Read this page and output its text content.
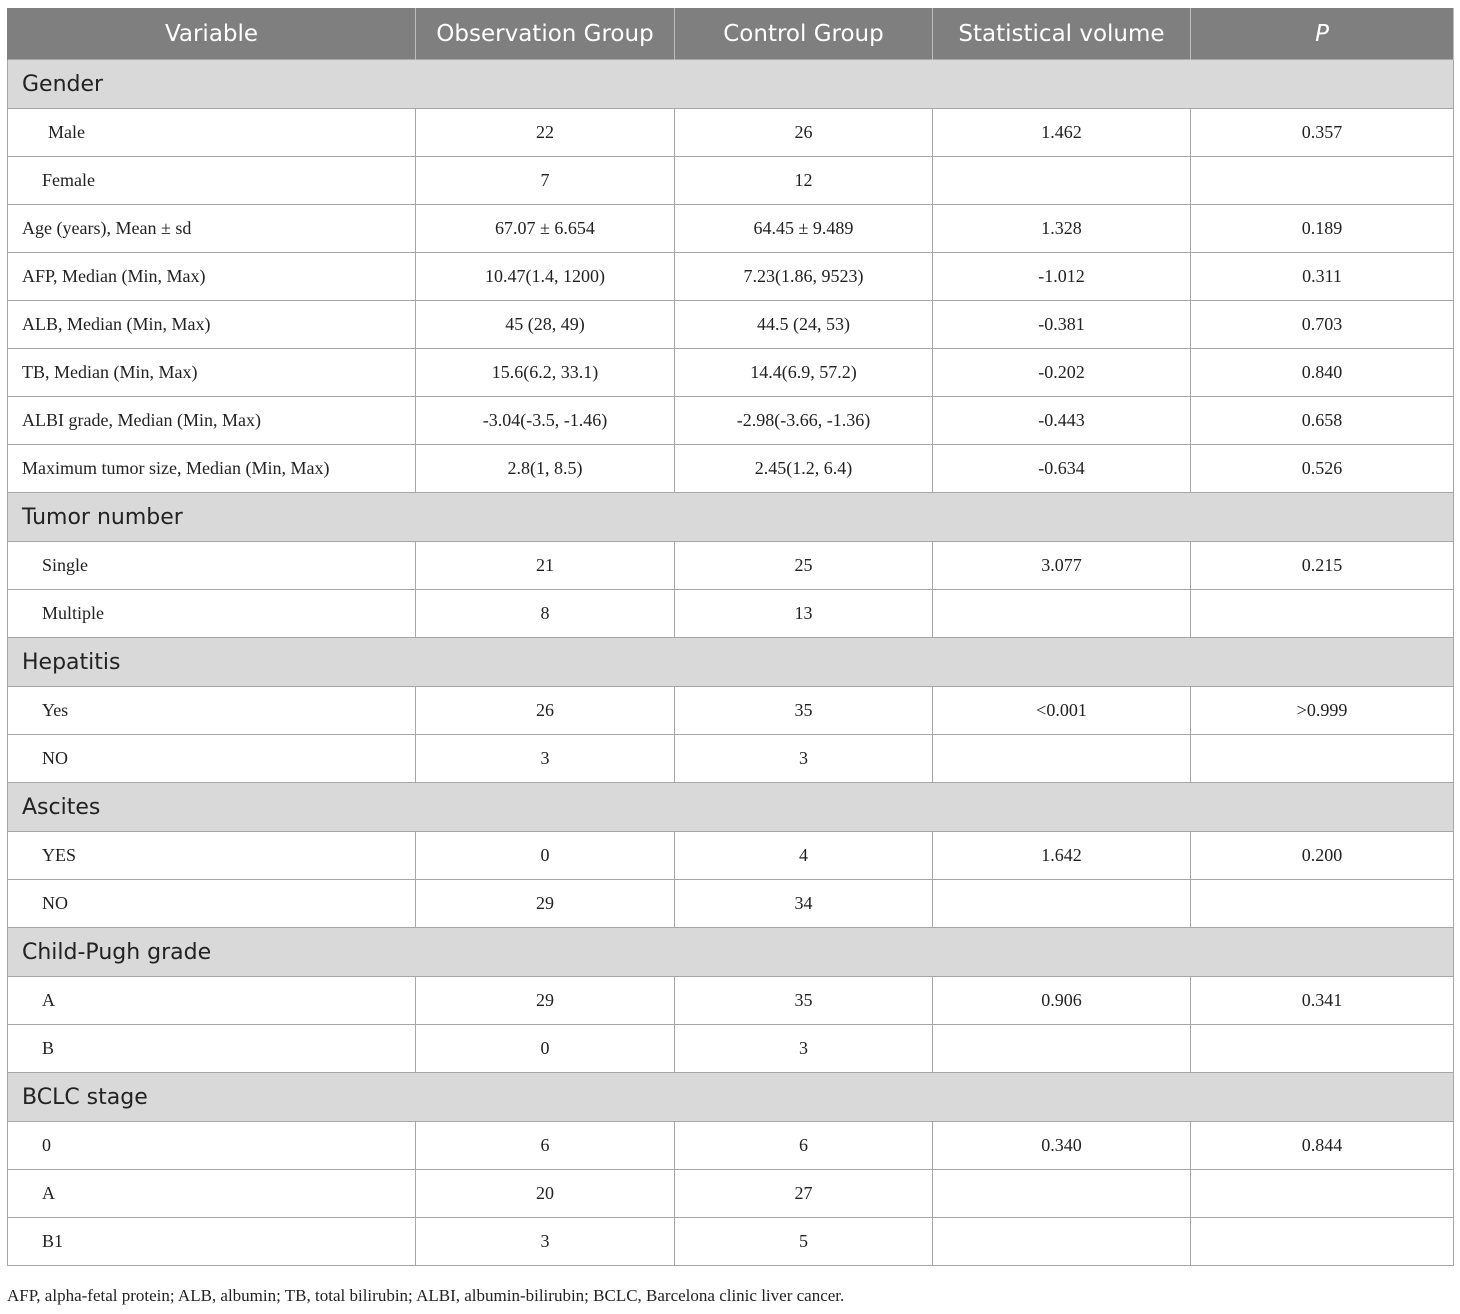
Variable	Observation Group	Control Group	Statistical volume	P
Gender				
Male	22	26	1.462	0.357
Female	7	12		
Age (years), Mean ± sd	67.07 ± 6.654	64.45 ± 9.489	1.328	0.189
AFP, Median (Min, Max)	10.47(1.4, 1200)	7.23(1.86, 9523)	-1.012	0.311
ALB, Median (Min, Max)	45 (28, 49)	44.5 (24, 53)	-0.381	0.703
TB, Median (Min, Max)	15.6(6.2, 33.1)	14.4(6.9, 57.2)	-0.202	0.840
ALBI grade, Median (Min, Max)	-3.04(-3.5, -1.46)	-2.98(-3.66, -1.36)	-0.443	0.658
Maximum tumor size, Median (Min, Max)	2.8(1, 8.5)	2.45(1.2, 6.4)	-0.634	0.526
Tumor number				
Single	21	25	3.077	0.215
Multiple	8	13		
Hepatitis				
Yes	26	35	<0.001	>0.999
NO	3	3		
Ascites				
YES	0	4	1.642	0.200
NO	29	34		
Child-Pugh grade				
A	29	35	0.906	0.341
B	0	3		
BCLC stage				
0	6	6	0.340	0.844
A	20	27		
B1	3	5		
AFP, alpha-fetal protein; ALB, albumin; TB, total bilirubin; ALBI, albumin-bilirubin; BCLC, Barcelona clinic liver cancer.
